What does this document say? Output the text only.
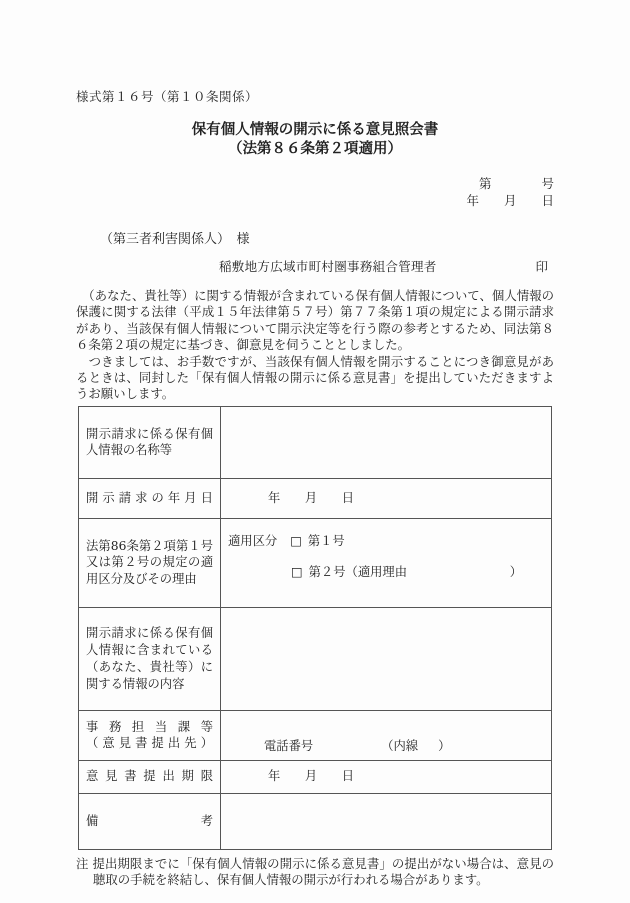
様式第１６号（第１０条関係）
保有個人情報の開示に係る意見照会書
（法第８６条第２項適用）
第　　　　号
年　　月　　日
（第三者利害関係人）　様
稲敷地方広域市町村圏事務組合管理者	印

　（あなた、貴社等）に関する情報が含まれている保有個人情報について、個人情報の保護に関する法律（平成１５年法律第５７号）第７７条第１項の規定による開示請求があり、当該保有個人情報について開示決定等を行う際の参考とするため、同法第８６条第２項の規定に基づき、御意見を伺うこととしました。

　つきましては、お手数ですが、当該保有個人情報を開示することにつき御意見があるときは、同封した「保有個人情報の開示に係る意見書」を提出していただきますようお願いします。

開示請求に係る保有個人情報の名称等	

開示請求の年月日	年　　月　　日

法第86条第２項第１号又は第２号の規定の適用区分及びその理由

適用区分 □ 第１号
□ 第２号（適用理由	）

開示請求に係る保有個人情報に含まれている（あなた、貴社等）に関する情報の内容	

事務担当課等
（意見書提出先）	電話番号	（内線 ）

意見書提出期限	年　　月　　日

備考	

注 提出期限までに「保有個人情報の開示に係る意見書」の提出がない場合は、意見の聴取の手続を終結し、保有個人情報の開示が行われる場合があります。
